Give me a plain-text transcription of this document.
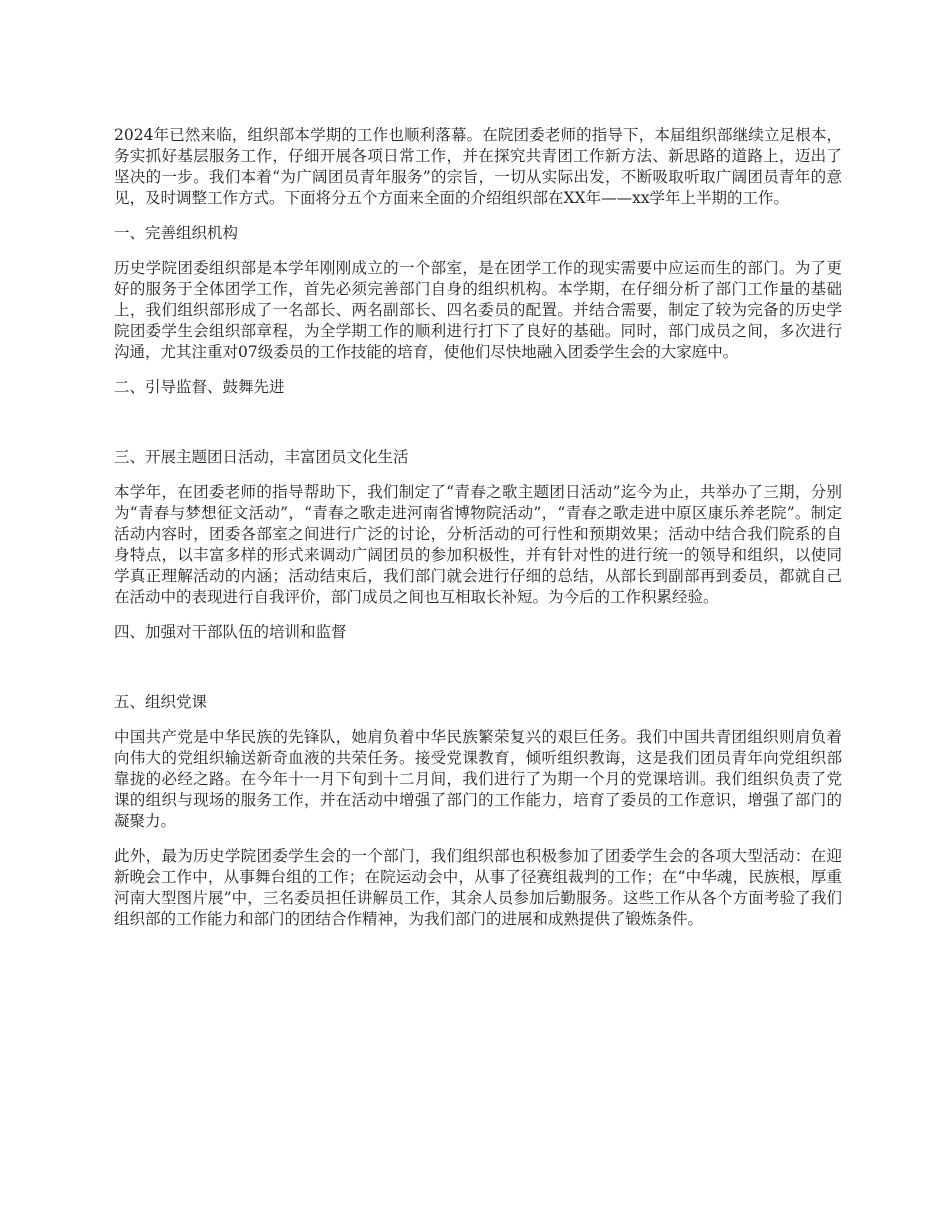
2024年已然来临，组织部本学期的工作也顺利落幕。在院团委老师的指导下，本届组织部继续立足根本，务实抓好基层服务工作，仔细开展各项日常工作，并在探究共青团工作新方法、新思路的道路上，迈出了坚决的一步。我们本着“为广阔团员青年服务”的宗旨，一切从实际出发，不断吸取听取广阔团员青年的意见，及时调整工作方式。下面将分五个方面来全面的介绍组织部在XX年——xx学年上半期的工作。

一、完善组织机构

历史学院团委组织部是本学年刚刚成立的一个部室，是在团学工作的现实需要中应运而生的部门。为了更好的服务于全体团学工作，首先必须完善部门自身的组织机构。本学期，在仔细分析了部门工作量的基础上，我们组织部形成了一名部长、两名副部长、四名委员的配置。并结合需要，制定了较为完备的历史学院团委学生会组织部章程，为全学期工作的顺利进行打下了良好的基础。同时，部门成员之间，多次进行沟通，尤其注重对07级委员的工作技能的培育，使他们尽快地融入团委学生会的大家庭中。

二、引导监督、鼓舞先进
三、开展主题团日活动，丰富团员文化生活

本学年，在团委老师的指导帮助下，我们制定了“青春之歌主题团日活动”迄今为止，共举办了三期，分别为“青春与梦想征文活动”，“青春之歌走进河南省博物院活动”，“青春之歌走进中原区康乐养老院”。制定活动内容时，团委各部室之间进行广泛的讨论，分析活动的可行性和预期效果；活动中结合我们院系的自身特点，以丰富多样的形式来调动广阔团员的参加积极性，并有针对性的进行统一的领导和组织，以使同学真正理解活动的内涵；活动结束后，我们部门就会进行仔细的总结，从部长到副部再到委员，都就自己在活动中的表现进行自我评价，部门成员之间也互相取长补短。为今后的工作积累经验。

四、加强对干部队伍的培训和监督
五、组织党课

中国共产党是中华民族的先锋队，她肩负着中华民族繁荣复兴的艰巨任务。我们中国共青团组织则肩负着向伟大的党组织输送新奇血液的共荣任务。接受党课教育，倾听组织教诲，这是我们团员青年向党组织部靠拢的必经之路。在今年十一月下旬到十二月间，我们进行了为期一个月的党课培训。我们组织负责了党课的组织与现场的服务工作，并在活动中增强了部门的工作能力，培育了委员的工作意识，增强了部门的凝聚力。

此外，最为历史学院团委学生会的一个部门，我们组织部也积极参加了团委学生会的各项大型活动：在迎新晚会工作中，从事舞台组的工作；在院运动会中，从事了径赛组裁判的工作；在“中华魂，民族根，厚重河南大型图片展”中，三名委员担任讲解员工作，其余人员参加后勤服务。这些工作从各个方面考验了我们组织部的工作能力和部门的团结合作精神，为我们部门的进展和成熟提供了锻炼条件。
